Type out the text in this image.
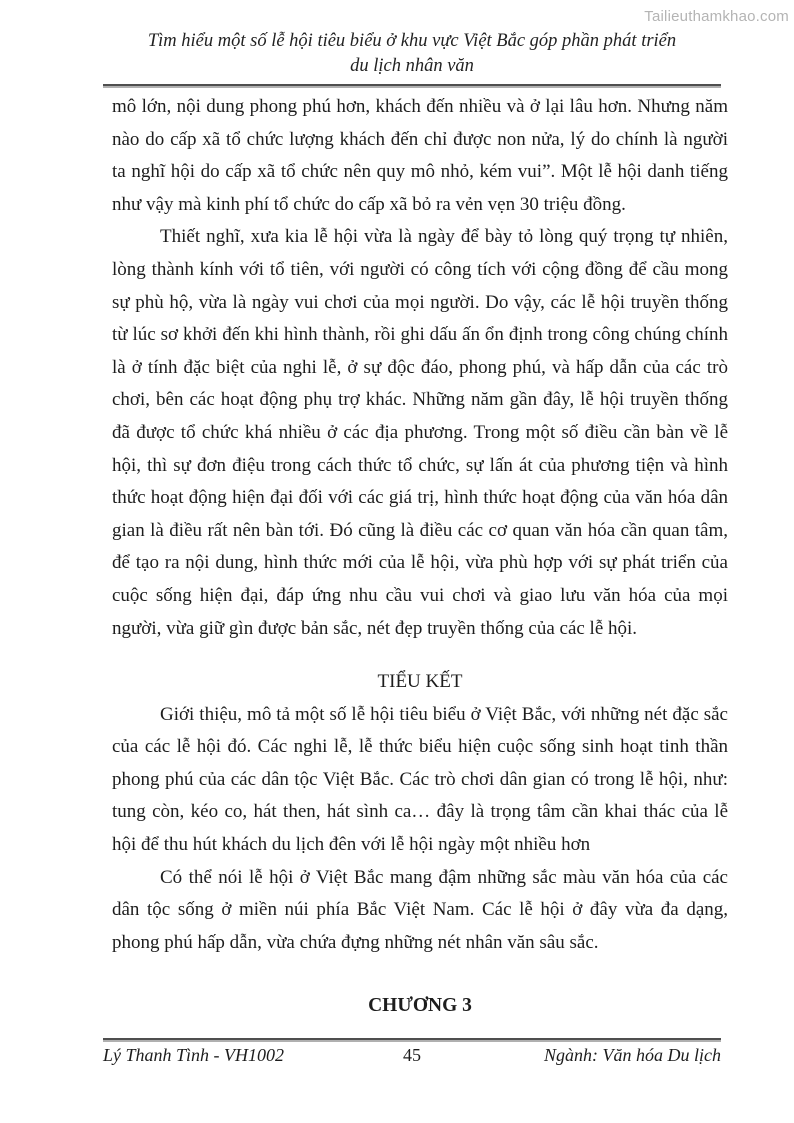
Tailieuthamkhao.com
Tìm hiểu một số lễ hội tiêu biểu ở khu vực Việt Bắc góp phần phát triển
du lịch nhân văn

mô lớn, nội dung phong phú hơn, khách đến nhiều và ở lại lâu hơn. Nhưng năm nào do cấp xã tổ chức lượng khách đến chỉ được non nửa, lý do chính là người ta nghĩ hội do cấp xã tổ chức nên quy mô nhỏ, kém vui”. Một lễ hội danh tiếng như vậy mà kinh phí tổ chức do cấp xã bỏ ra vẻn vẹn 30 triệu đồng.

Thiết nghĩ, xưa kia lễ hội vừa là ngày để bày tỏ lòng quý trọng tự nhiên, lòng thành kính với tổ tiên, với người có công tích với cộng đồng để cầu mong sự phù hộ, vừa là ngày vui chơi của mọi người. Do vậy, các lễ hội truyền thống từ lúc sơ khởi đến khi hình thành, rồi ghi dấu ấn ổn định trong công chúng chính là ở tính đặc biệt của nghi lễ, ở sự độc đáo, phong phú, và hấp dẫn của các trò chơi, bên các hoạt động phụ trợ khác. Những năm gần đây, lễ hội truyền thống đã được tổ chức khá nhiều ở các địa phương. Trong một số điều cần bàn về lễ hội, thì sự đơn điệu trong cách thức tổ chức, sự lấn át của phương tiện và hình thức hoạt động hiện đại đối với các giá trị, hình thức hoạt động của văn hóa dân gian là điều rất nên bàn tới. Đó cũng là điều các cơ quan văn hóa cần quan tâm, để tạo ra nội dung, hình thức mới của lễ hội, vừa phù hợp với sự phát triển của cuộc sống hiện đại, đáp ứng nhu cầu vui chơi và giao lưu văn hóa của mọi người, vừa giữ gìn được bản sắc, nét đẹp truyền thống của các lễ hội.

TIỂU KẾT

Giới thiệu, mô tả một số lễ hội tiêu biểu ở Việt Bắc, với những nét đặc sắc của các lễ hội đó. Các nghi lễ, lễ thức biểu hiện cuộc sống sinh hoạt tinh thần phong phú của các dân tộc Việt Bắc. Các trò chơi dân gian có trong lễ hội, như: tung còn, kéo co, hát then, hát sình ca… đây là trọng tâm cần khai thác của lễ hội để thu hút khách du lịch đên với lễ hội ngày một nhiều hơn

Có thể nói lễ hội ở Việt Bắc mang đậm những sắc màu văn hóa của các dân tộc sống ở miền núi phía Bắc Việt Nam. Các lễ hội ở đây vừa đa dạng, phong phú hấp dẫn, vừa chứa đựng những nét nhân văn sâu sắc.

CHƯƠNG 3
Lý Thanh Tình - VH1002	45	Ngành: Văn hóa Du lịch
